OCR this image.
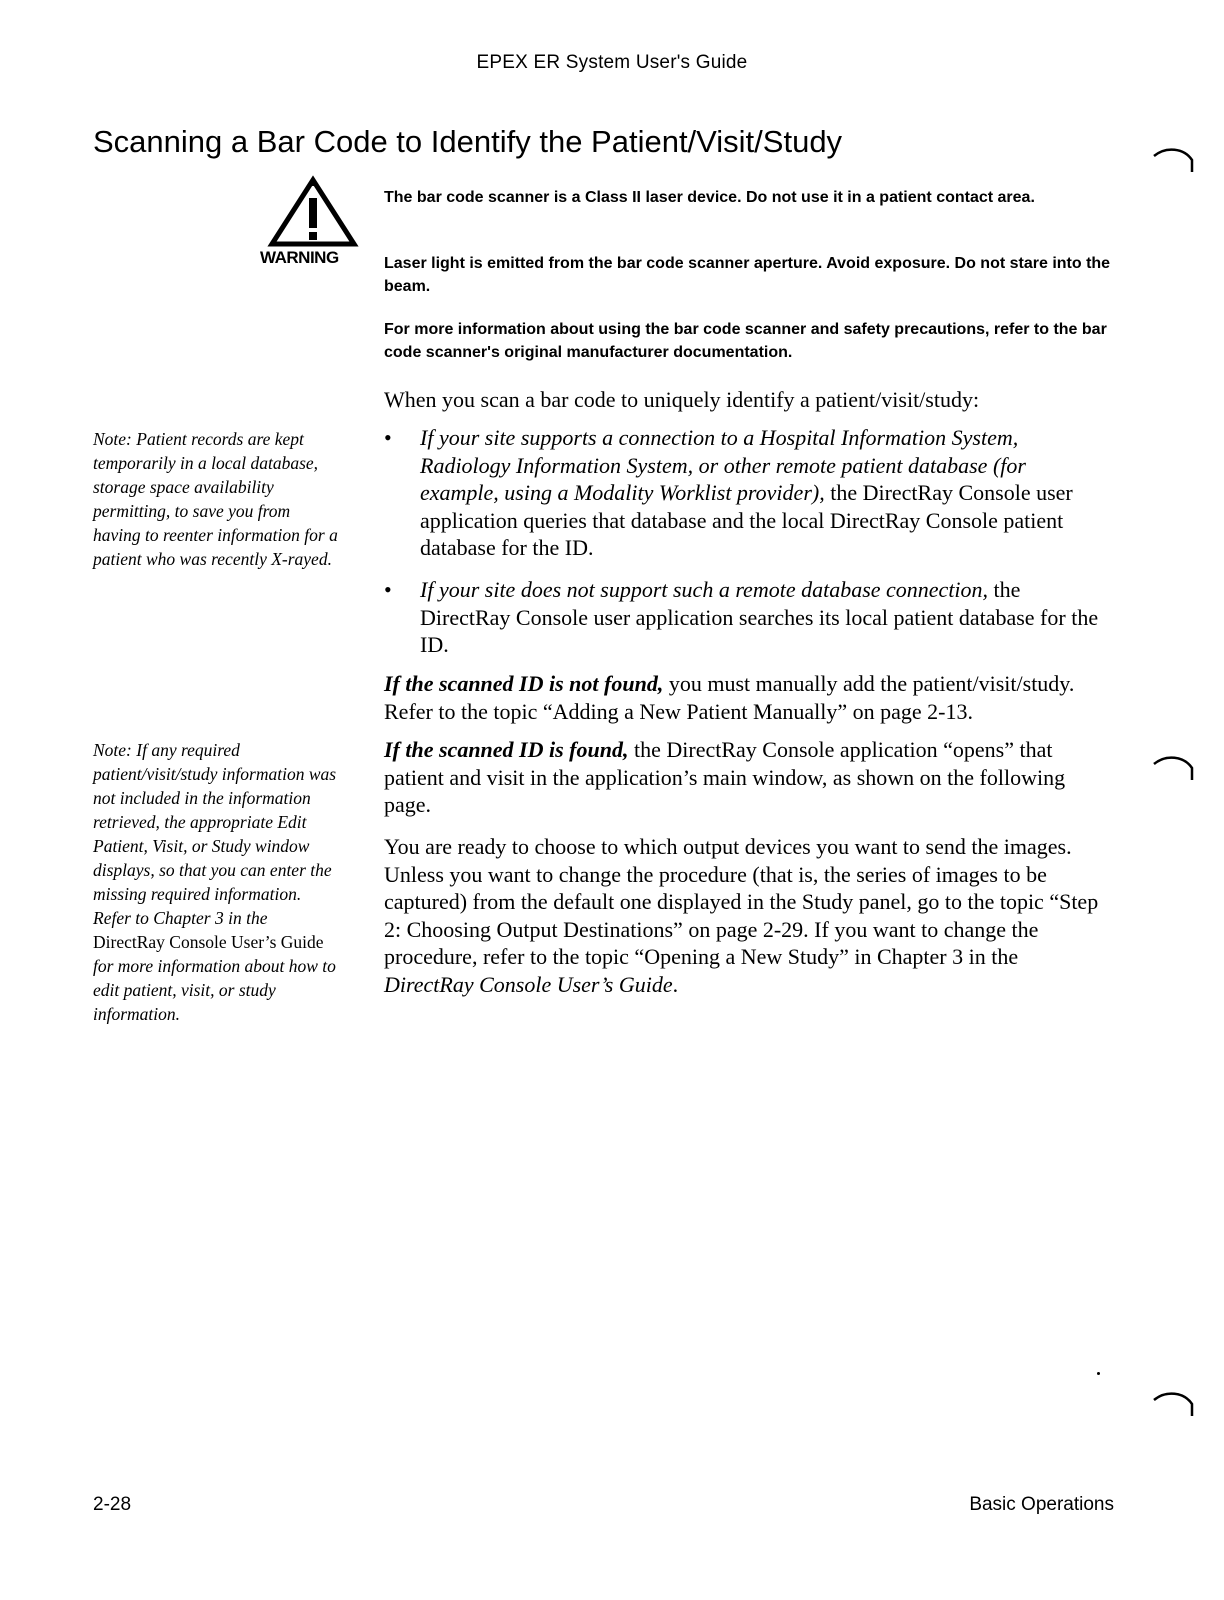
EPEX ER System User's Guide
Scanning a Bar Code to Identify the Patient/Visit/Study
WARNING

The bar code scanner is a Class II laser device. Do not use it in a patient contact area.

Laser light is emitted from the bar code scanner aperture. Avoid exposure. Do not stare into the beam.

For more information about using the bar code scanner and safety precautions, refer to the bar code scanner's original manufacturer documentation.

When you scan a bar code to uniquely identify a patient/visit/study:

•	If your site supports a connection to a Hospital Information System, Radiology Information System, or other remote patient database (for example, using a Modality Worklist provider), the DirectRay Console user application queries that database and the local DirectRay Console patient database for the ID.
•	If your site does not support such a remote database connection, the DirectRay Console user application searches its local patient database for the ID.

If the scanned ID is not found, you must manually add the patient/visit/study. Refer to the topic “Adding a New Patient Manually” on page 2-13.

If the scanned ID is found, the DirectRay Console application “opens” that patient and visit in the application’s main window, as shown on the following page.

You are ready to choose to which output devices you want to send the images. Unless you want to change the procedure (that is, the series of images to be captured) from the default one displayed in the Study panel, go to the topic “Step 2: Choosing Output Destinations” on page 2-29. If you want to change the procedure, refer to the topic “Opening a New Study” in Chapter 3 in the DirectRay Console User’s Guide.

Note: Patient records are kept temporarily in a local database, storage space availability permitting, to save you from having to reenter information for a patient who was recently X-rayed.

Note: If any required patient/visit/study information was not included in the information retrieved, the appropriate Edit Patient, Visit, or Study window displays, so that you can enter the missing required information. Refer to Chapter 3 in the DirectRay Console User’s Guide for more information about how to edit patient, visit, or study information.

2-28	Basic Operations
